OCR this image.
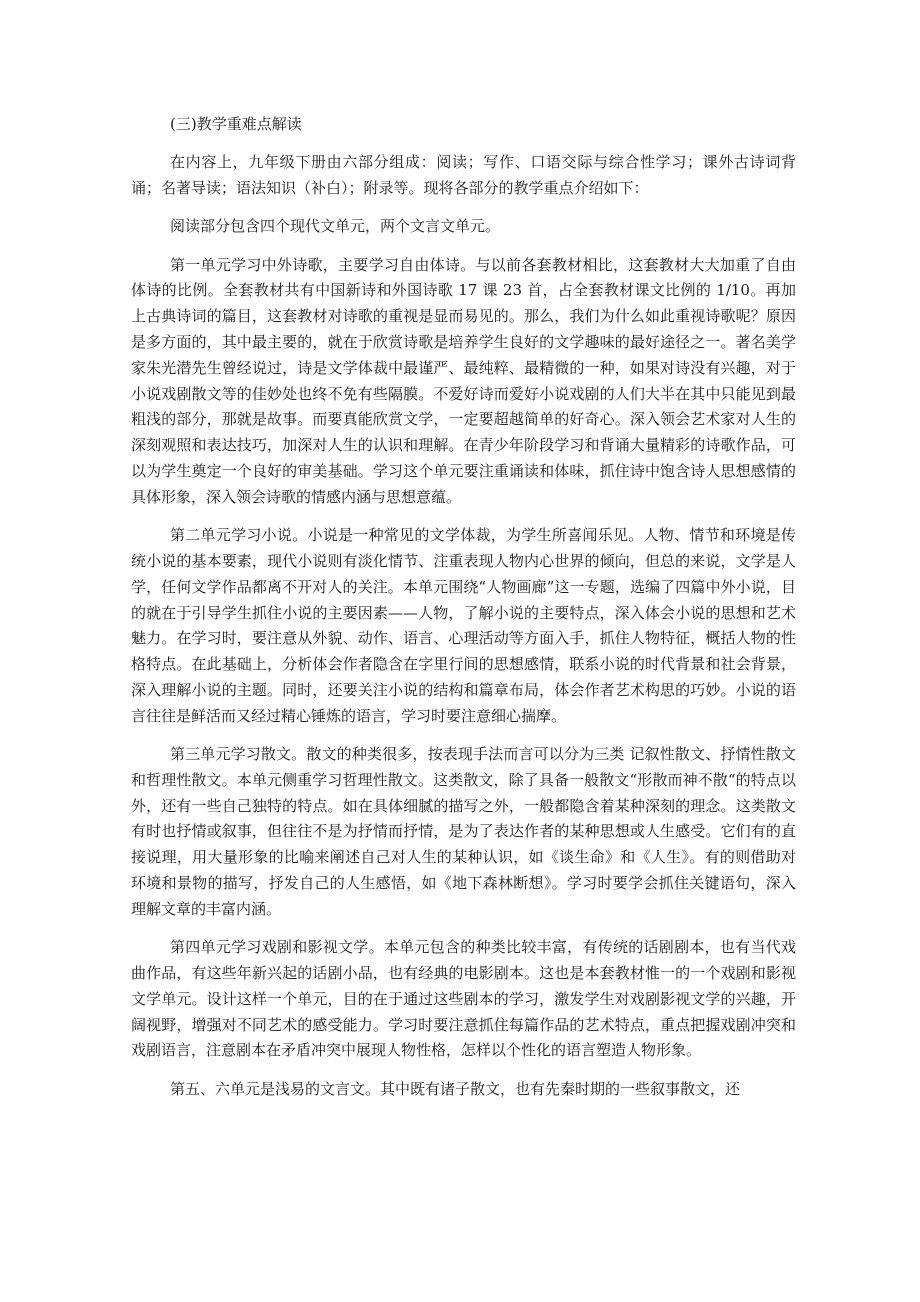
(三)教学重难点解读

在内容上，九年级下册由六部分组成：阅读；写作、口语交际与综合性学习；课外古诗词背诵；名著导读；语法知识（补白）；附录等。现将各部分的教学重点介绍如下：

阅读部分包含四个现代文单元，两个文言文单元。

第一单元学习中外诗歌，主要学习自由体诗。与以前各套教材相比，这套教材大大加重了自由体诗的比例。全套教材共有中国新诗和外国诗歌 17 课 23 首，占全套教材课文比例的 1/10。再加上古典诗词的篇目，这套教材对诗歌的重视是显而易见的。那么，我们为什么如此重视诗歌呢？原因是多方面的，其中最主要的，就在于欣赏诗歌是培养学生良好的文学趣味的最好途径之一。著名美学家朱光潜先生曾经说过，诗是文学体裁中最谨严、最纯粹、最精微的一种，如果对诗没有兴趣，对于小说戏剧散文等的佳妙处也终不免有些隔膜。不爱好诗而爱好小说戏剧的人们大半在其中只能见到最粗浅的部分，那就是故事。而要真能欣赏文学，一定要超越简单的好奇心。深入领会艺术家对人生的深刻观照和表达技巧，加深对人生的认识和理解。在青少年阶段学习和背诵大量精彩的诗歌作品，可以为学生奠定一个良好的审美基础。学习这个单元要注重诵读和体味，抓住诗中饱含诗人思想感情的具体形象，深入领会诗歌的情感内涵与思想意蕴。

第二单元学习小说。小说是一种常见的文学体裁，为学生所喜闻乐见。人物、情节和环境是传统小说的基本要素，现代小说则有淡化情节、注重表现人物内心世界的倾向，但总的来说，文学是人学，任何文学作品都离不开对人的关注。本单元围绕“人物画廊”这一专题，选编了四篇中外小说，目的就在于引导学生抓住小说的主要因素——人物，了解小说的主要特点，深入体会小说的思想和艺术魅力。在学习时，要注意从外貌、动作、语言、心理活动等方面入手，抓住人物特征，概括人物的性格特点。在此基础上，分析体会作者隐含在字里行间的思想感情，联系小说的时代背景和社会背景，深入理解小说的主题。同时，还要关注小说的结构和篇章布局，体会作者艺术构思的巧妙。小说的语言往往是鲜活而又经过精心锤炼的语言，学习时要注意细心揣摩。

第三单元学习散文。散文的种类很多，按表现手法而言可以分为三类 记叙性散文、抒情性散文和哲理性散文。本单元侧重学习哲理性散文。这类散文，除了具备一般散文“形散而神不散“的特点以外，还有一些自己独特的特点。如在具体细腻的描写之外，一般都隐含着某种深刻的理念。这类散文有时也抒情或叙事，但往往不是为抒情而抒情，是为了表达作者的某种思想或人生感受。它们有的直接说理，用大量形象的比喻来阐述自己对人生的某种认识，如《谈生命》和《人生》。有的则借助对环境和景物的描写，抒发自己的人生感悟，如《地下森林断想》。学习时要学会抓住关键语句，深入理解文章的丰富内涵。

第四单元学习戏剧和影视文学。本单元包含的种类比较丰富，有传统的话剧剧本，也有当代戏曲作品，有这些年新兴起的话剧小品，也有经典的电影剧本。这也是本套教材惟一的一个戏剧和影视文学单元。设计这样一个单元，目的在于通过这些剧本的学习，激发学生对戏剧影视文学的兴趣，开阔视野，增强对不同艺术的感受能力。学习时要注意抓住每篇作品的艺术特点，重点把握戏剧冲突和戏剧语言，注意剧本在矛盾冲突中展现人物性格，怎样以个性化的语言塑造人物形象。

第五、六单元是浅易的文言文。其中既有诸子散文，也有先秦时期的一些叙事散文，还
